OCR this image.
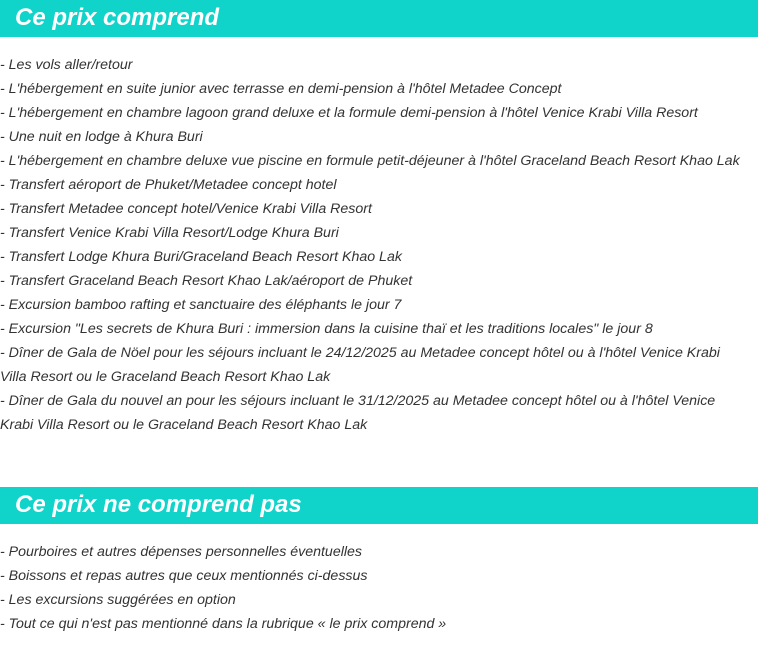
Ce prix comprend
- Les vols aller/retour
- L'hébergement en suite junior avec terrasse en demi-pension à l'hôtel Metadee Concept
- L'hébergement en chambre lagoon grand deluxe et la formule demi-pension à l'hôtel Venice Krabi Villa Resort
- Une nuit en lodge à Khura Buri
- L'hébergement en chambre deluxe vue piscine en formule petit-déjeuner à l'hôtel Graceland Beach Resort Khao Lak
- Transfert aéroport de Phuket/Metadee concept hotel
- Transfert Metadee concept hotel/Venice Krabi Villa Resort
- Transfert Venice Krabi Villa Resort/Lodge Khura Buri
- Transfert Lodge Khura Buri/Graceland Beach Resort Khao Lak
- Transfert Graceland Beach Resort Khao Lak/aéroport de Phuket
- Excursion bamboo rafting et sanctuaire des éléphants le jour 7
- Excursion "Les secrets de Khura Buri : immersion dans la cuisine thaï et les traditions locales" le jour 8
- Dîner de Gala de Nöel pour les séjours incluant le 24/12/2025 au Metadee concept hôtel ou à l'hôtel Venice Krabi Villa Resort ou le Graceland Beach Resort Khao Lak
- Dîner de Gala du nouvel an pour les séjours incluant le 31/12/2025 au Metadee concept hôtel ou à l'hôtel Venice Krabi Villa Resort ou le Graceland Beach Resort Khao Lak
Ce prix ne comprend pas
- Pourboires et autres dépenses personnelles éventuelles
- Boissons et repas autres que ceux mentionnés ci-dessus
- Les excursions suggérées en option
- Tout ce qui n'est pas mentionné dans la rubrique « le prix comprend »
